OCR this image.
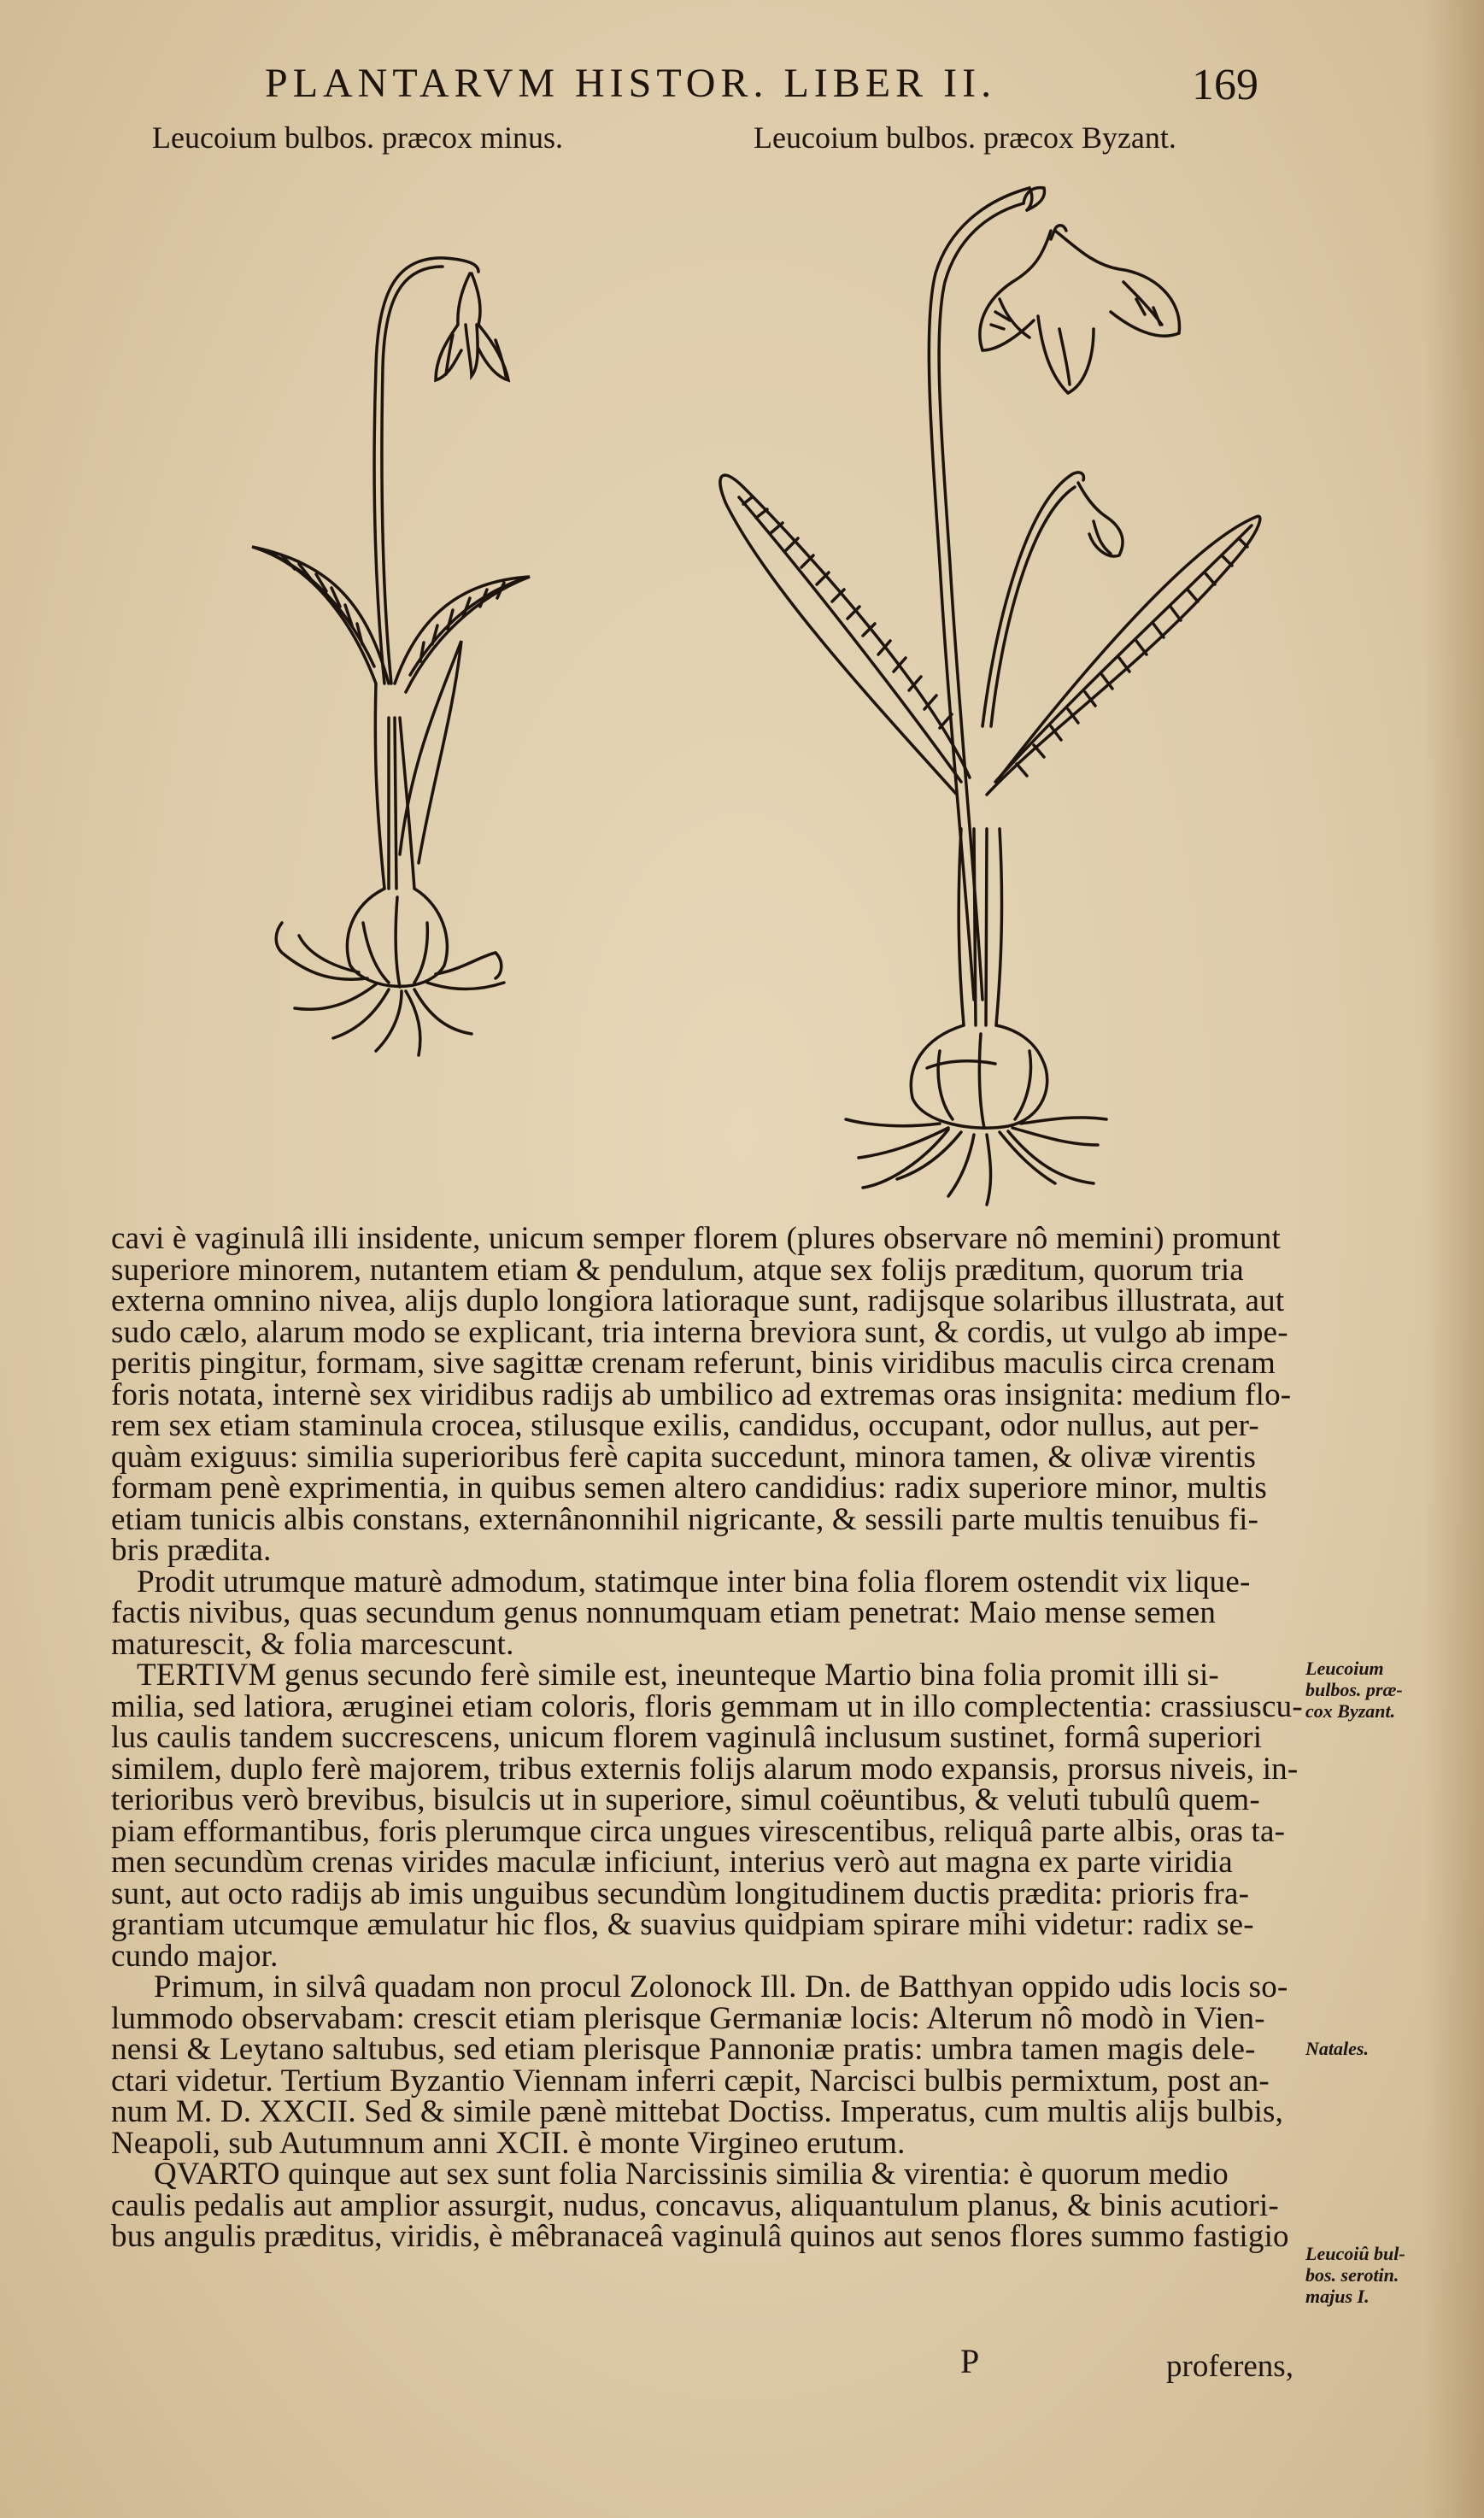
PLANTARVM HISTOR. LIBER II.	169
Leucoium bulbos. præcox minus.	Leucoium bulbos. præcox Byzant.
cavi è vaginulâ illi insidente, unicum semper florem (plures observare nô memini) promunt
superiore minorem, nutantem etiam & pendulum, atque sex folijs præditum, quorum tria
externa omnino nivea, alijs duplo longiora latioraque sunt, radijsque solaribus illustrata, aut
sudo cælo, alarum modo se explicant, tria interna breviora sunt, & cordis, ut vulgo ab impe-
peritis pingitur, formam, sive sagittæ crenam referunt, binis viridibus maculis circa crenam
foris notata, internè sex viridibus radijs ab umbilico ad extremas oras insignita: medium flo-
rem sex etiam staminula crocea, stilusque exilis, candidus, occupant, odor nullus, aut per-
quàm exiguus: similia superioribus ferè capita succedunt, minora tamen, & olivæ virentis
formam penè exprimentia, in quibus semen altero candidius: radix superiore minor, multis
etiam tunicis albis constans, externânonnihil nigricante, & sessili parte multis tenuibus fi-
bris prædita.
Prodit utrumque maturè admodum, statimque inter bina folia florem ostendit vix lique-
factis nivibus, quas secundum genus nonnumquam etiam penetrat: Maio mense semen
maturescit, & folia marcescunt.
TERTIVM genus secundo ferè simile est, ineunteque Martio bina folia promit illi si-
milia, sed latiora, æruginei etiam coloris, floris gemmam ut in illo complectentia: crassiuscu-
lus caulis tandem succrescens, unicum florem vaginulâ inclusum sustinet, formâ superiori
similem, duplo ferè majorem, tribus externis folijs alarum modo expansis, prorsus niveis, in-
terioribus verò brevibus, bisulcis ut in superiore, simul coëuntibus, & veluti tubulû quem-
piam efformantibus, foris plerumque circa ungues virescentibus, reliquâ parte albis, oras ta-
men secundùm crenas virides maculæ inficiunt, interius verò aut magna ex parte viridia
sunt, aut octo radijs ab imis unguibus secundùm longitudinem ductis prædita: prioris fra-
grantiam utcumque æmulatur hic flos, & suavius quidpiam spirare mihi videtur: radix se-
cundo major.
Primum, in silvâ quadam non procul Zolonock Ill. Dn. de Batthyan oppido udis locis so-
lummodo observabam: crescit etiam plerisque Germaniæ locis: Alterum nô modò in Vien-
nensi & Leytano saltubus, sed etiam plerisque Pannoniæ pratis: umbra tamen magis dele-
ctari videtur. Tertium Byzantio Viennam inferri cæpit, Narcisci bulbis permixtum, post an-
num M. D. XXCII. Sed & simile pænè mittebat Doctiss. Imperatus, cum multis alijs bulbis,
Neapoli, sub Autumnum anni XCII. è monte Virgineo erutum.
QVARTO quinque aut sex sunt folia Narcissinis similia & virentia: è quorum medio
caulis pedalis aut amplior assurgit, nudus, concavus, aliquantulum planus, & binis acutiori-
bus angulis præditus, viridis, è mêbranaceâ vaginulâ quinos aut senos flores summo fastigio
Leucoium
bulbos. præ-
cox Byzant.
Natales.
Leucoiû bul-
bos. serotin.
majus I.
P	proferens,
